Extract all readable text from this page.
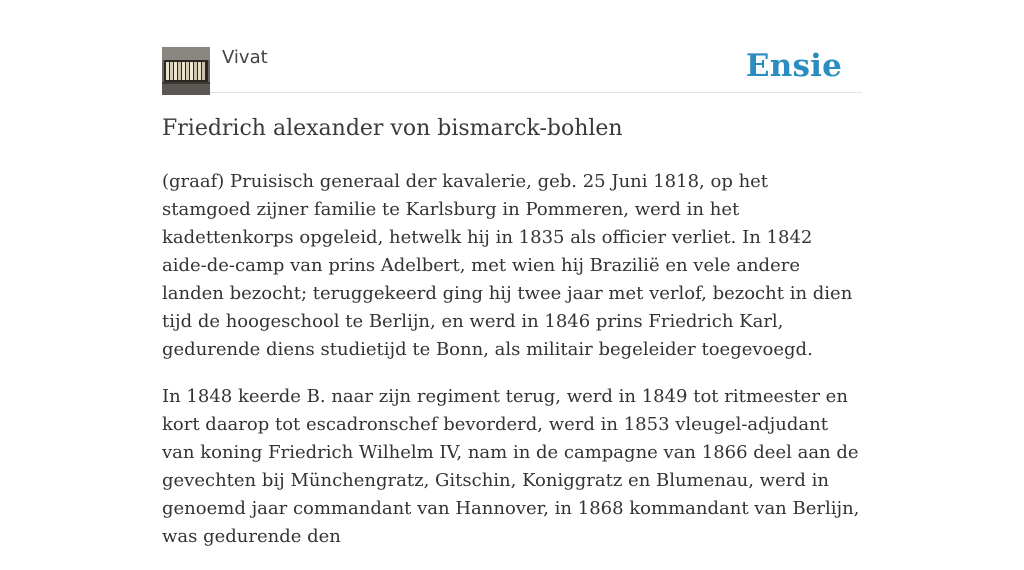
Vivat	Ensie
Friedrich alexander von bismarck-bohlen

(graaf) Pruisisch generaal der kavalerie, geb. 25 Juni 1818, op het stamgoed zijner familie te Karlsburg in Pommeren, werd in het kadettenkorps opgeleid, hetwelk hij in 1835 als officier verliet. In 1842 aide-de-camp van prins Adelbert, met wien hij Brazilië en vele andere landen bezocht; teruggekeerd ging hij twee jaar met verlof, bezocht in dien tijd de hoogeschool te Berlijn, en werd in 1846 prins Friedrich Karl, gedurende diens studietijd te Bonn, als militair begeleider toegevoegd.

In 1848 keerde B. naar zijn regiment terug, werd in 1849 tot ritmeester en kort daarop tot escadronschef bevorderd, werd in 1853 vleugel-adjudant van koning Friedrich Wilhelm IV, nam in de campagne van 1866 deel aan de gevechten bij Münchengratz, Gitschin, Koniggratz en Blumenau, werd in genoemd jaar commandant van Hannover, in 1868 kommandant van Berlijn, was gedurende den
